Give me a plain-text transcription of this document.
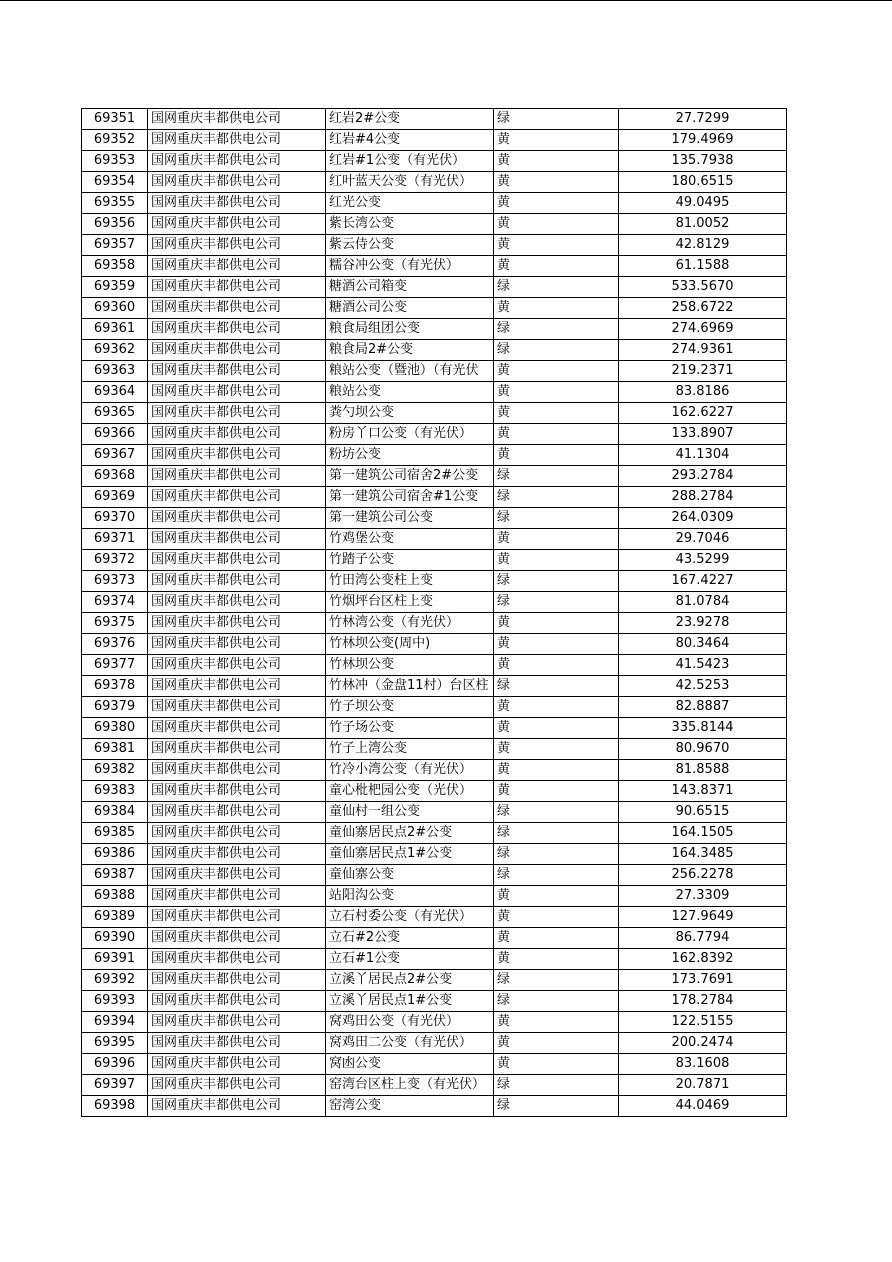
69351	国网重庆丰都供电公司	红岩2#公变	绿	27.7299
69352	国网重庆丰都供电公司	红岩#4公变	黄	179.4969
69353	国网重庆丰都供电公司	红岩#1公变（有光伏）	黄	135.7938
69354	国网重庆丰都供电公司	红叶蓝天公变（有光伏）	黄	180.6515
69355	国网重庆丰都供电公司	红光公变	黄	49.0495
69356	国网重庆丰都供电公司	紫长湾公变	黄	81.0052
69357	国网重庆丰都供电公司	紫云侍公变	黄	42.8129
69358	国网重庆丰都供电公司	糯谷冲公变（有光伏）	黄	61.1588
69359	国网重庆丰都供电公司	糖酒公司箱变	绿	533.5670
69360	国网重庆丰都供电公司	糖酒公司公变	黄	258.6722
69361	国网重庆丰都供电公司	粮食局组团公变	绿	274.6969
69362	国网重庆丰都供电公司	粮食局2#公变	绿	274.9361
69363	国网重庆丰都供电公司	粮站公变（暨池）（有光伏	黄	219.2371
69364	国网重庆丰都供电公司	粮站公变	黄	83.8186
69365	国网重庆丰都供电公司	粪勺坝公变	黄	162.6227
69366	国网重庆丰都供电公司	粉房丫口公变（有光伏）	黄	133.8907
69367	国网重庆丰都供电公司	粉坊公变	黄	41.1304
69368	国网重庆丰都供电公司	第一建筑公司宿舍2#公变	绿	293.2784
69369	国网重庆丰都供电公司	第一建筑公司宿舍#1公变	绿	288.2784
69370	国网重庆丰都供电公司	第一建筑公司公变	绿	264.0309
69371	国网重庆丰都供电公司	竹鸡堡公变	黄	29.7046
69372	国网重庆丰都供电公司	竹踏子公变	黄	43.5299
69373	国网重庆丰都供电公司	竹田湾公变柱上变	绿	167.4227
69374	国网重庆丰都供电公司	竹烟坪台区柱上变	绿	81.0784
69375	国网重庆丰都供电公司	竹林湾公变（有光伏）	黄	23.9278
69376	国网重庆丰都供电公司	竹林坝公变(周中)	黄	80.3464
69377	国网重庆丰都供电公司	竹林坝公变	黄	41.5423
69378	国网重庆丰都供电公司	竹林冲（金盘11村）台区柱	绿	42.5253
69379	国网重庆丰都供电公司	竹子坝公变	黄	82.8887
69380	国网重庆丰都供电公司	竹子场公变	黄	335.8144
69381	国网重庆丰都供电公司	竹子上湾公变	黄	80.9670
69382	国网重庆丰都供电公司	竹冷小湾公变（有光伏）	黄	81.8588
69383	国网重庆丰都供电公司	童心枇杷园公变（光伏）	黄	143.8371
69384	国网重庆丰都供电公司	童仙村一组公变	绿	90.6515
69385	国网重庆丰都供电公司	童仙寨居民点2#公变	绿	164.1505
69386	国网重庆丰都供电公司	童仙寨居民点1#公变	绿	164.3485
69387	国网重庆丰都供电公司	童仙寨公变	绿	256.2278
69388	国网重庆丰都供电公司	站阳沟公变	黄	27.3309
69389	国网重庆丰都供电公司	立石村委公变（有光伏）	黄	127.9649
69390	国网重庆丰都供电公司	立石#2公变	黄	86.7794
69391	国网重庆丰都供电公司	立石#1公变	黄	162.8392
69392	国网重庆丰都供电公司	立溪丫居民点2#公变	绿	173.7691
69393	国网重庆丰都供电公司	立溪丫居民点1#公变	绿	178.2784
69394	国网重庆丰都供电公司	窝鸡田公变（有光伏）	黄	122.5155
69395	国网重庆丰都供电公司	窝鸡田二公变（有光伏）	黄	200.2474
69396	国网重庆丰都供电公司	窝凼公变	黄	83.1608
69397	国网重庆丰都供电公司	窑湾台区柱上变（有光伏）	绿	20.7871
69398	国网重庆丰都供电公司	窑湾公变	绿	44.0469
